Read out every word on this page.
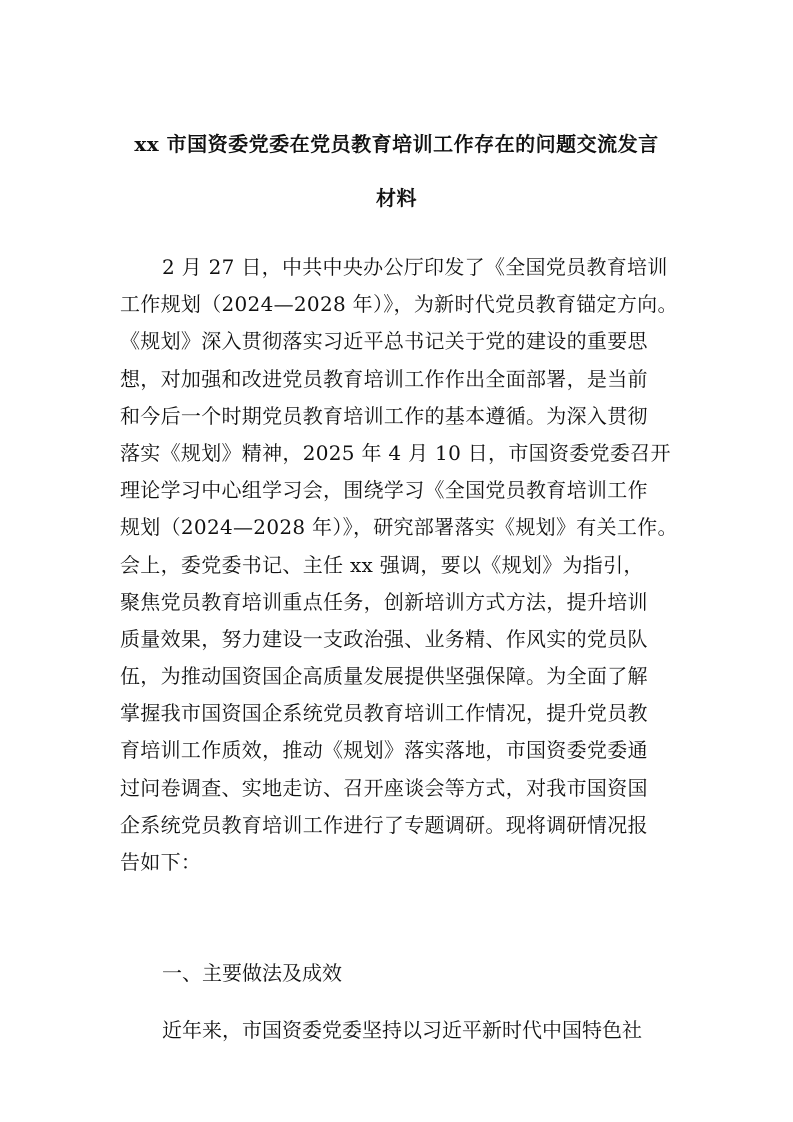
xx 市国资委党委在党员教育培训工作存在的问题交流发言
材料
2 月 27 日，中共中央办公厅印发了《全国党员教育培训
工作规划（2024—2028 年）》，为新时代党员教育锚定方向。
《规划》深入贯彻落实习近平总书记关于党的建设的重要思
想，对加强和改进党员教育培训工作作出全面部署，是当前
和今后一个时期党员教育培训工作的基本遵循。为深入贯彻
落实《规划》精神，2025 年 4 月 10 日，市国资委党委召开
理论学习中心组学习会，围绕学习《全国党员教育培训工作
规划（2024—2028 年）》，研究部署落实《规划》有关工作。
会上，委党委书记、主任 xx 强调，要以《规划》为指引，
聚焦党员教育培训重点任务，创新培训方式方法，提升培训
质量效果，努力建设一支政治强、业务精、作风实的党员队
伍，为推动国资国企高质量发展提供坚强保障。为全面了解
掌握我市国资国企系统党员教育培训工作情况，提升党员教
育培训工作质效，推动《规划》落实落地，市国资委党委通
过问卷调查、实地走访、召开座谈会等方式，对我市国资国
企系统党员教育培训工作进行了专题调研。现将调研情况报
告如下：
一、主要做法及成效
近年来，市国资委党委坚持以习近平新时代中国特色社
